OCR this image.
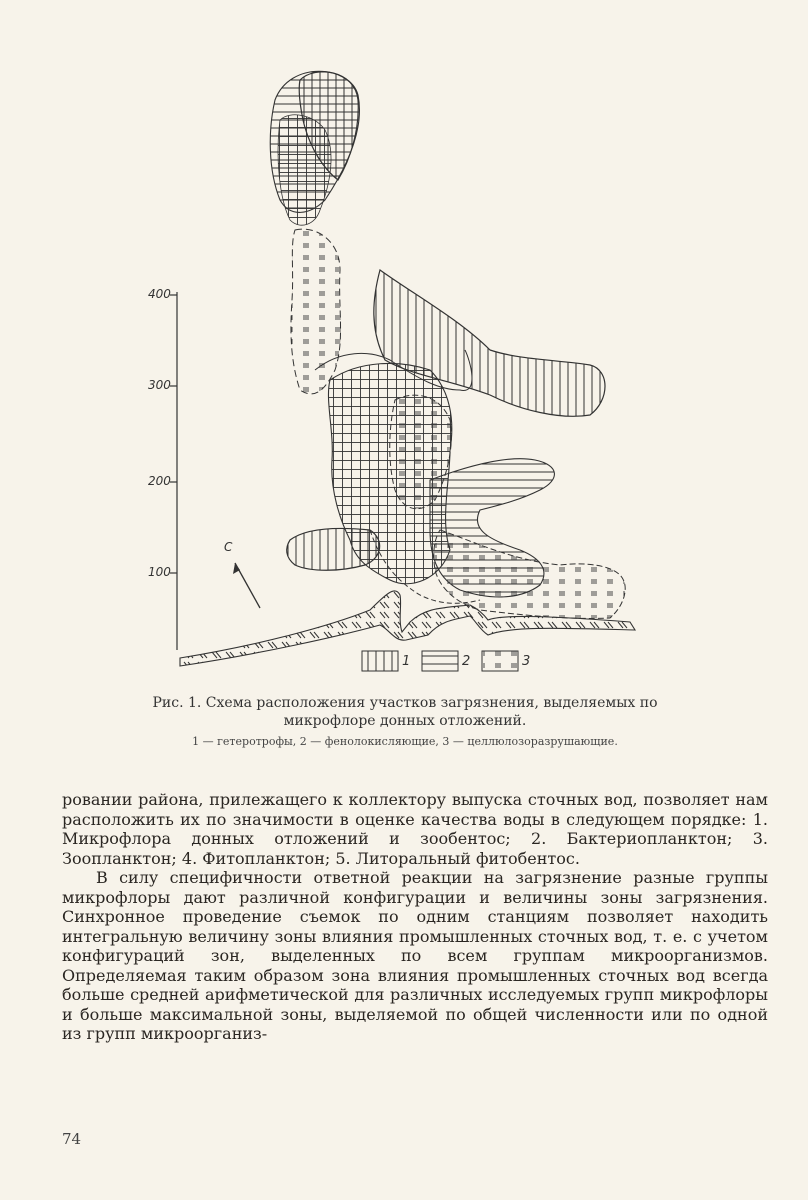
400
300
200
100
C
1	2	3
Рис. 1. Схема расположения участков загрязнения, выделяемых по микрофлоре донных отложений.
1 — гетеротрофы, 2 — фенолокисляющие, 3 — целлюлозоразрушающие.

ровании района, прилежащего к коллектору выпуска сточных вод, позволяет нам расположить их по значимости в оценке качества воды в следующем порядке: 1. Микрофлора донных отложений и зообентос; 2. Бактериопланктон; 3. Зоопланктон; 4. Фитопланктон; 5. Литоральный фитобентос.

В силу специфичности ответной реакции на загрязнение разные группы микрофлоры дают различной конфигурации и величины зоны загрязнения. Синхронное проведение съемок по одним станциям позволяет находить интегральную величину зоны влияния промышленных сточных вод, т. е. с учетом конфигураций зон, выделенных по всем группам микроорганизмов. Определяемая таким образом зона влияния промышленных сточных вод всегда больше средней арифметической для различных исследуемых групп микрофлоры и больше максимальной зоны, выделяемой по общей численности или по одной из групп микроорганиз-

74
